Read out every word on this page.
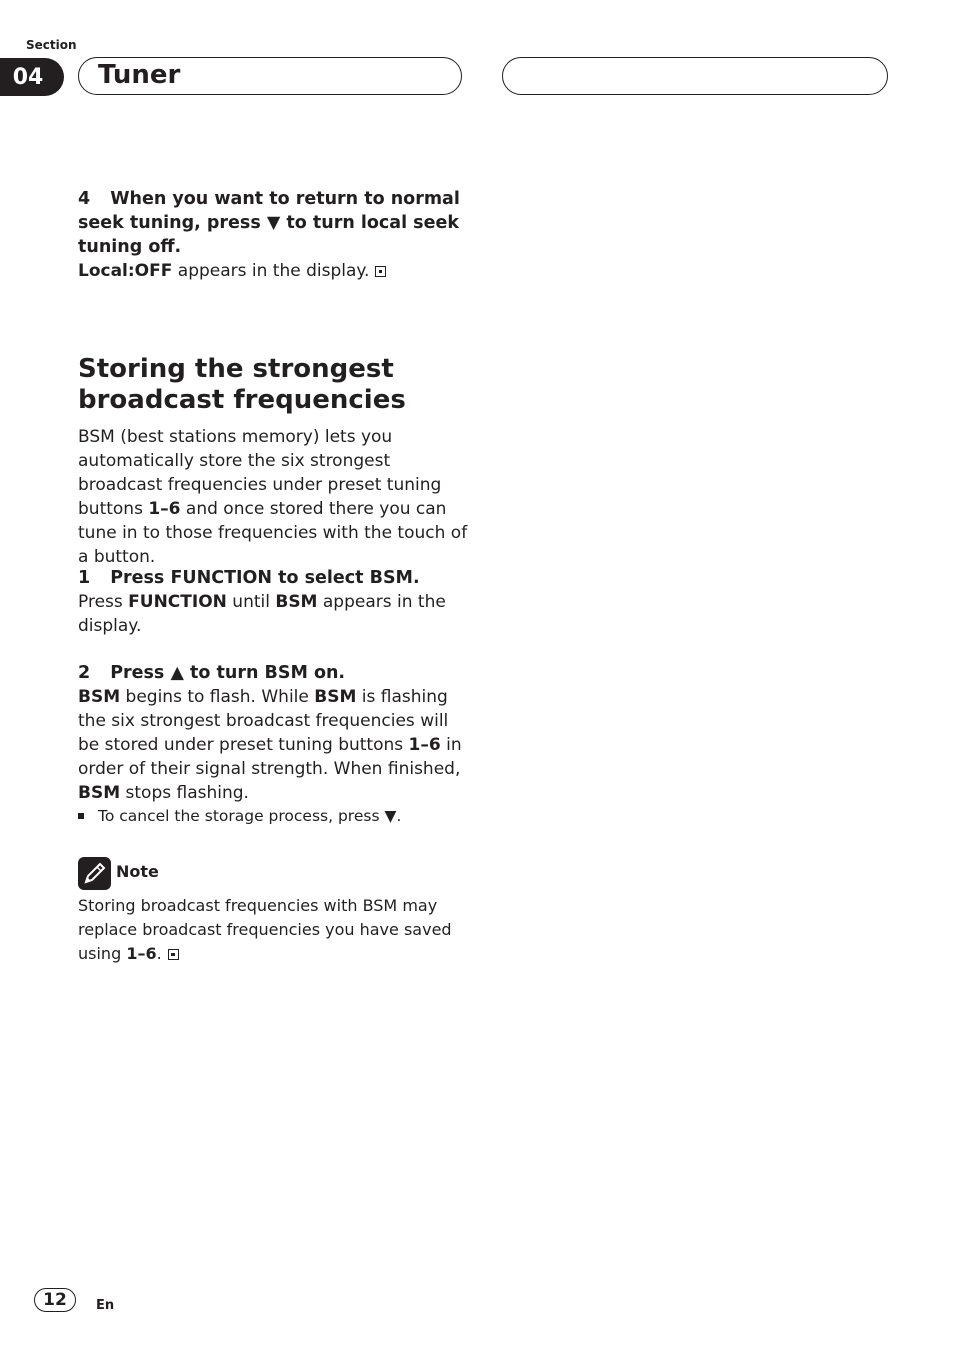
Section
04	Tuner
4 When you want to return to normal seek tuning, press ▼ to turn local seek tuning off.
Local:OFF appears in the display.
Storing the strongest
broadcast frequencies
BSM (best stations memory) lets you automatically store the six strongest broadcast frequencies under preset tuning buttons 1–6 and once stored there you can tune in to those frequencies with the touch of a button.
1 Press FUNCTION to select BSM.
Press FUNCTION until BSM appears in the display.
2 Press ▲ to turn BSM on.
BSM begins to flash. While BSM is flashing the six strongest broadcast frequencies will be stored under preset tuning buttons 1–6 in order of their signal strength. When finished, BSM stops flashing.
To cancel the storage process, press ▼.
Note
Storing broadcast frequencies with BSM may replace broadcast frequencies you have saved using 1–6.
12	En
